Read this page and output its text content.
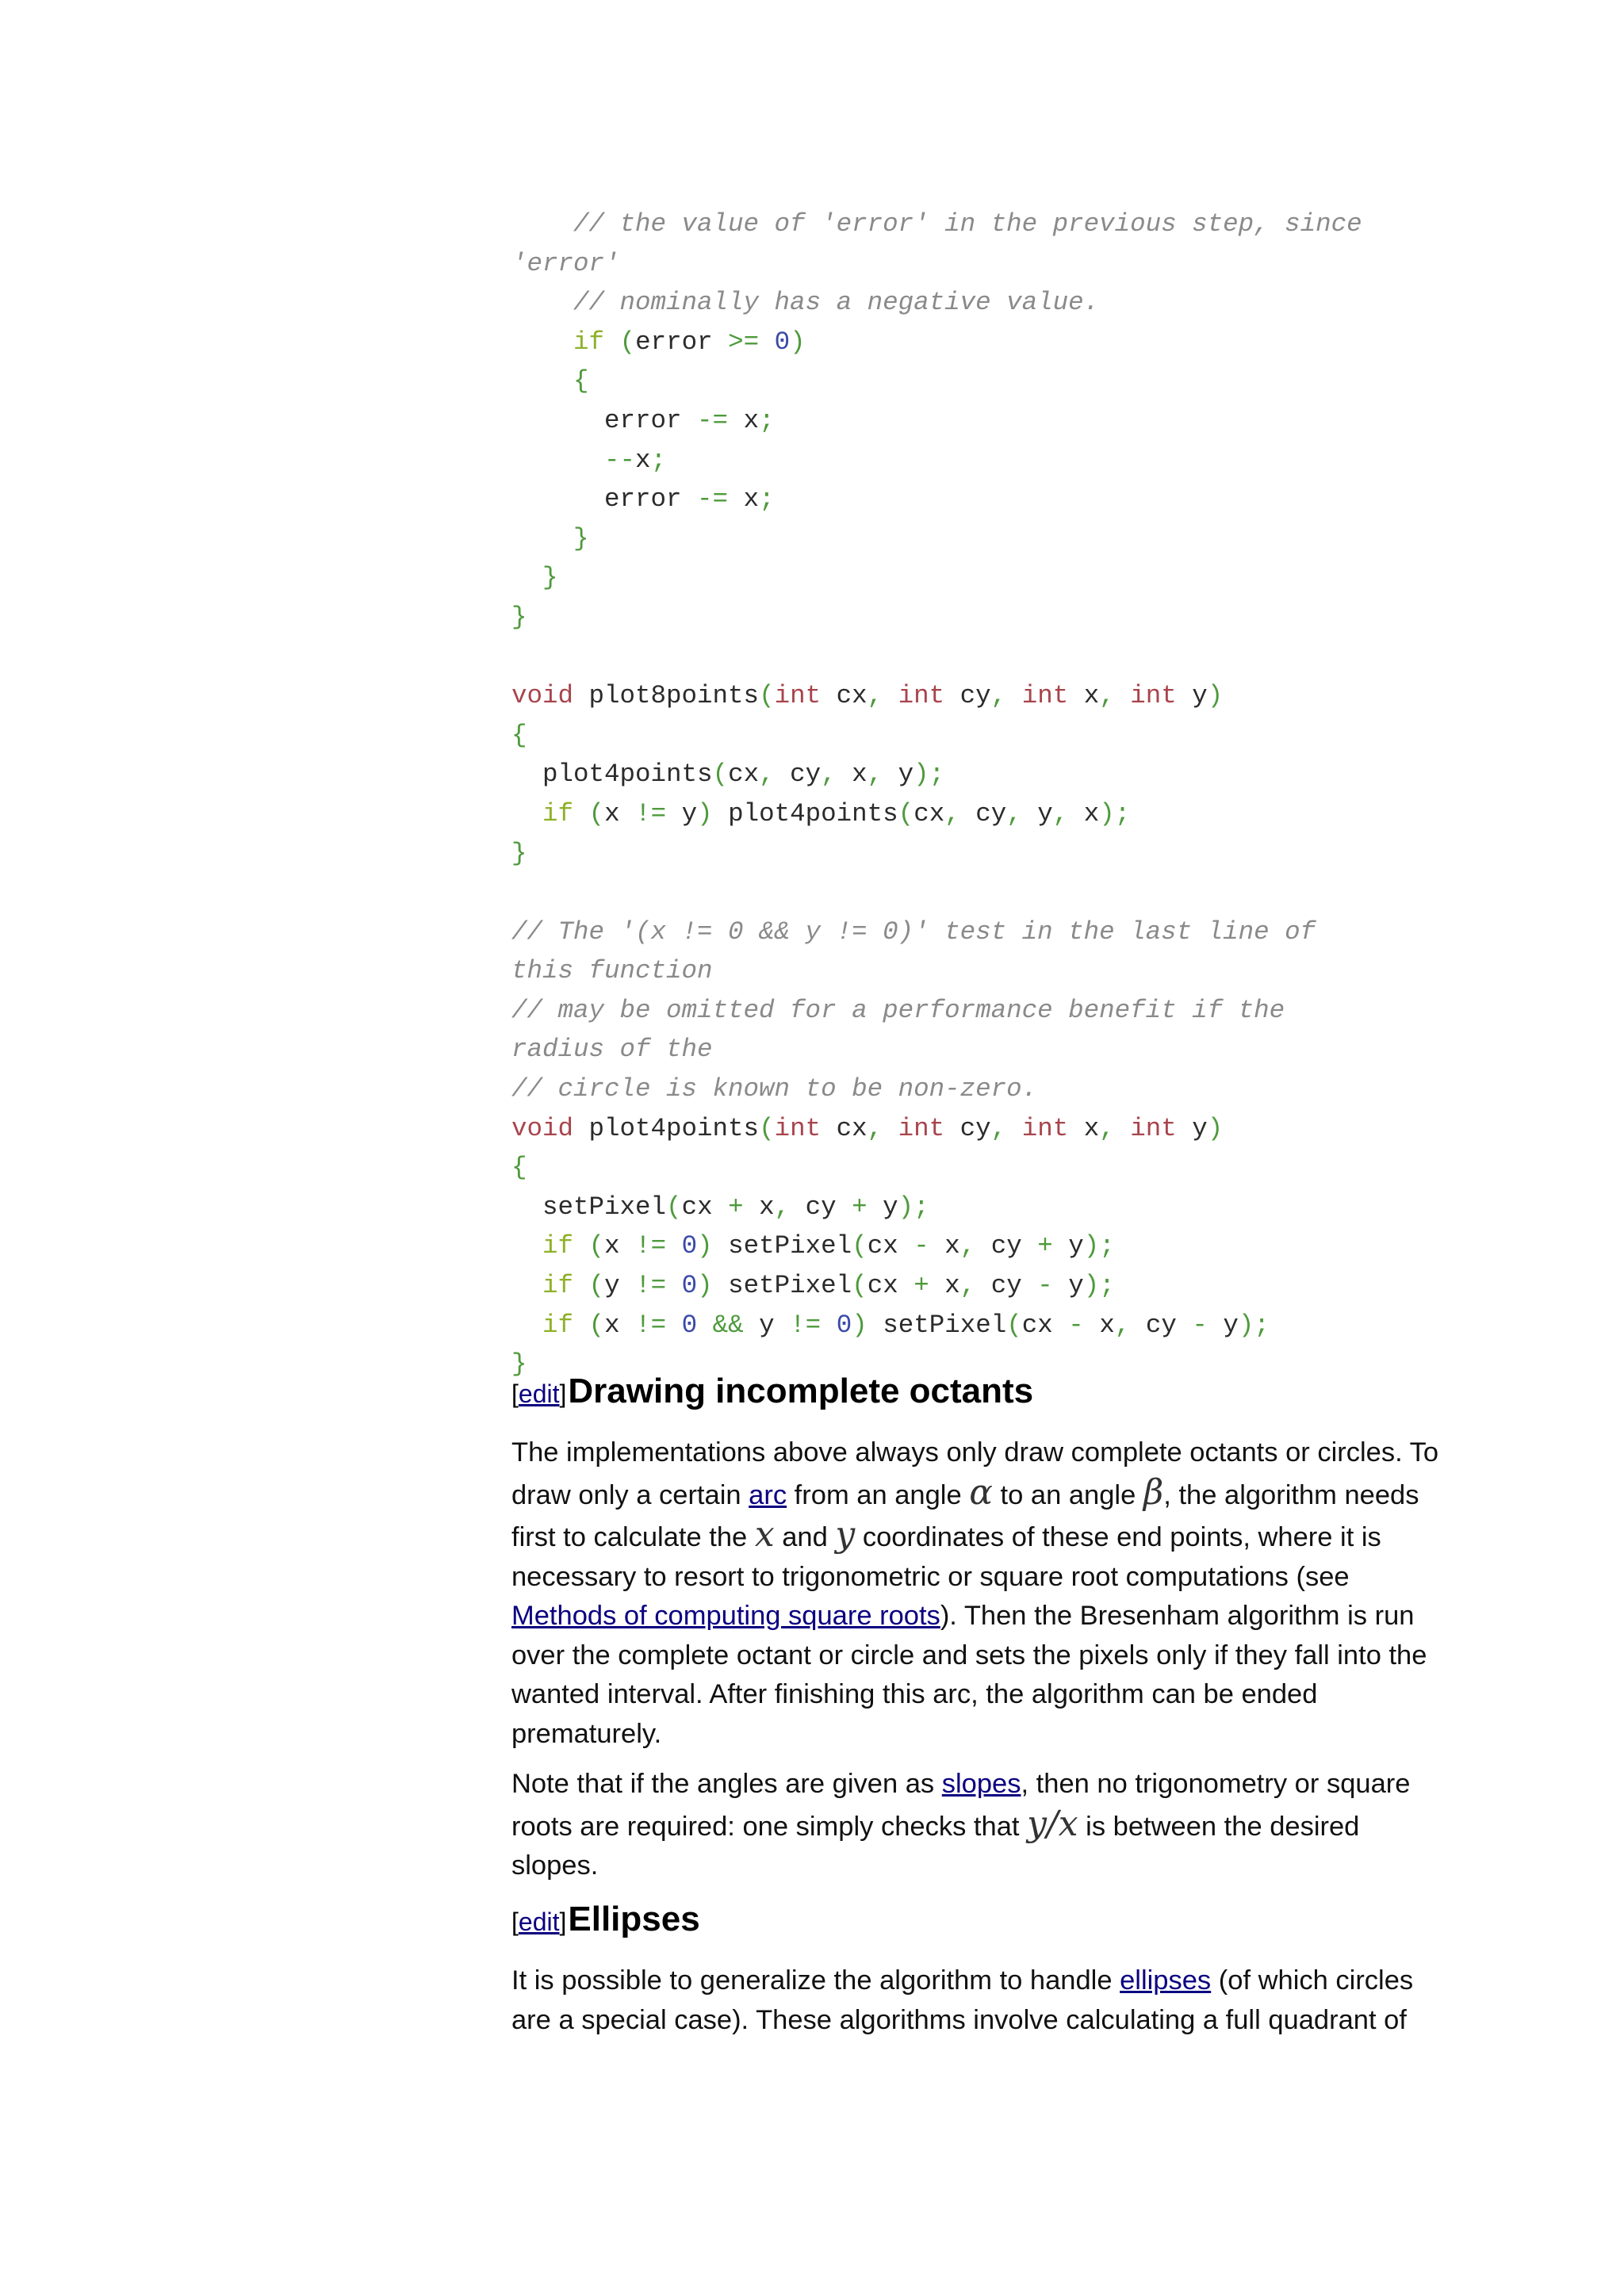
// the value of 'error' in the previous step, since
'error'
// nominally has a negative value.
if (error >= 0)
{
error -= x;
--x;
error -= x;
}
}
}
void plot8points(int cx, int cy, int x, int y)
{
plot4points(cx, cy, x, y);
if (x != y) plot4points(cx, cy, y, x);
}
// The '(x != 0 && y != 0)' test in the last line of
this function
// may be omitted for a performance benefit if the
radius of the
// circle is known to be non-zero.
void plot4points(int cx, int cy, int x, int y)
{
setPixel(cx + x, cy + y);
if (x != 0) setPixel(cx - x, cy + y);
if (y != 0) setPixel(cx + x, cy - y);
if (x != 0 && y != 0) setPixel(cx - x, cy - y);
}
[edit]Drawing incomplete octants

The implementations above always only draw complete octants or circles. To draw only a certain arc from an angle α to an angle β, the algorithm needs first to calculate the x and y coordinates of these end points, where it is necessary to resort to trigonometric or square root computations (see Methods of computing square roots). Then the Bresenham algorithm is run over the complete octant or circle and sets the pixels only if they fall into the wanted interval. After finishing this arc, the algorithm can be ended prematurely.

Note that if the angles are given as slopes, then no trigonometry or square roots are required: one simply checks that y/x is between the desired slopes.

[edit]Ellipses

It is possible to generalize the algorithm to handle ellipses (of which circles are a special case). These algorithms involve calculating a full quadrant of
